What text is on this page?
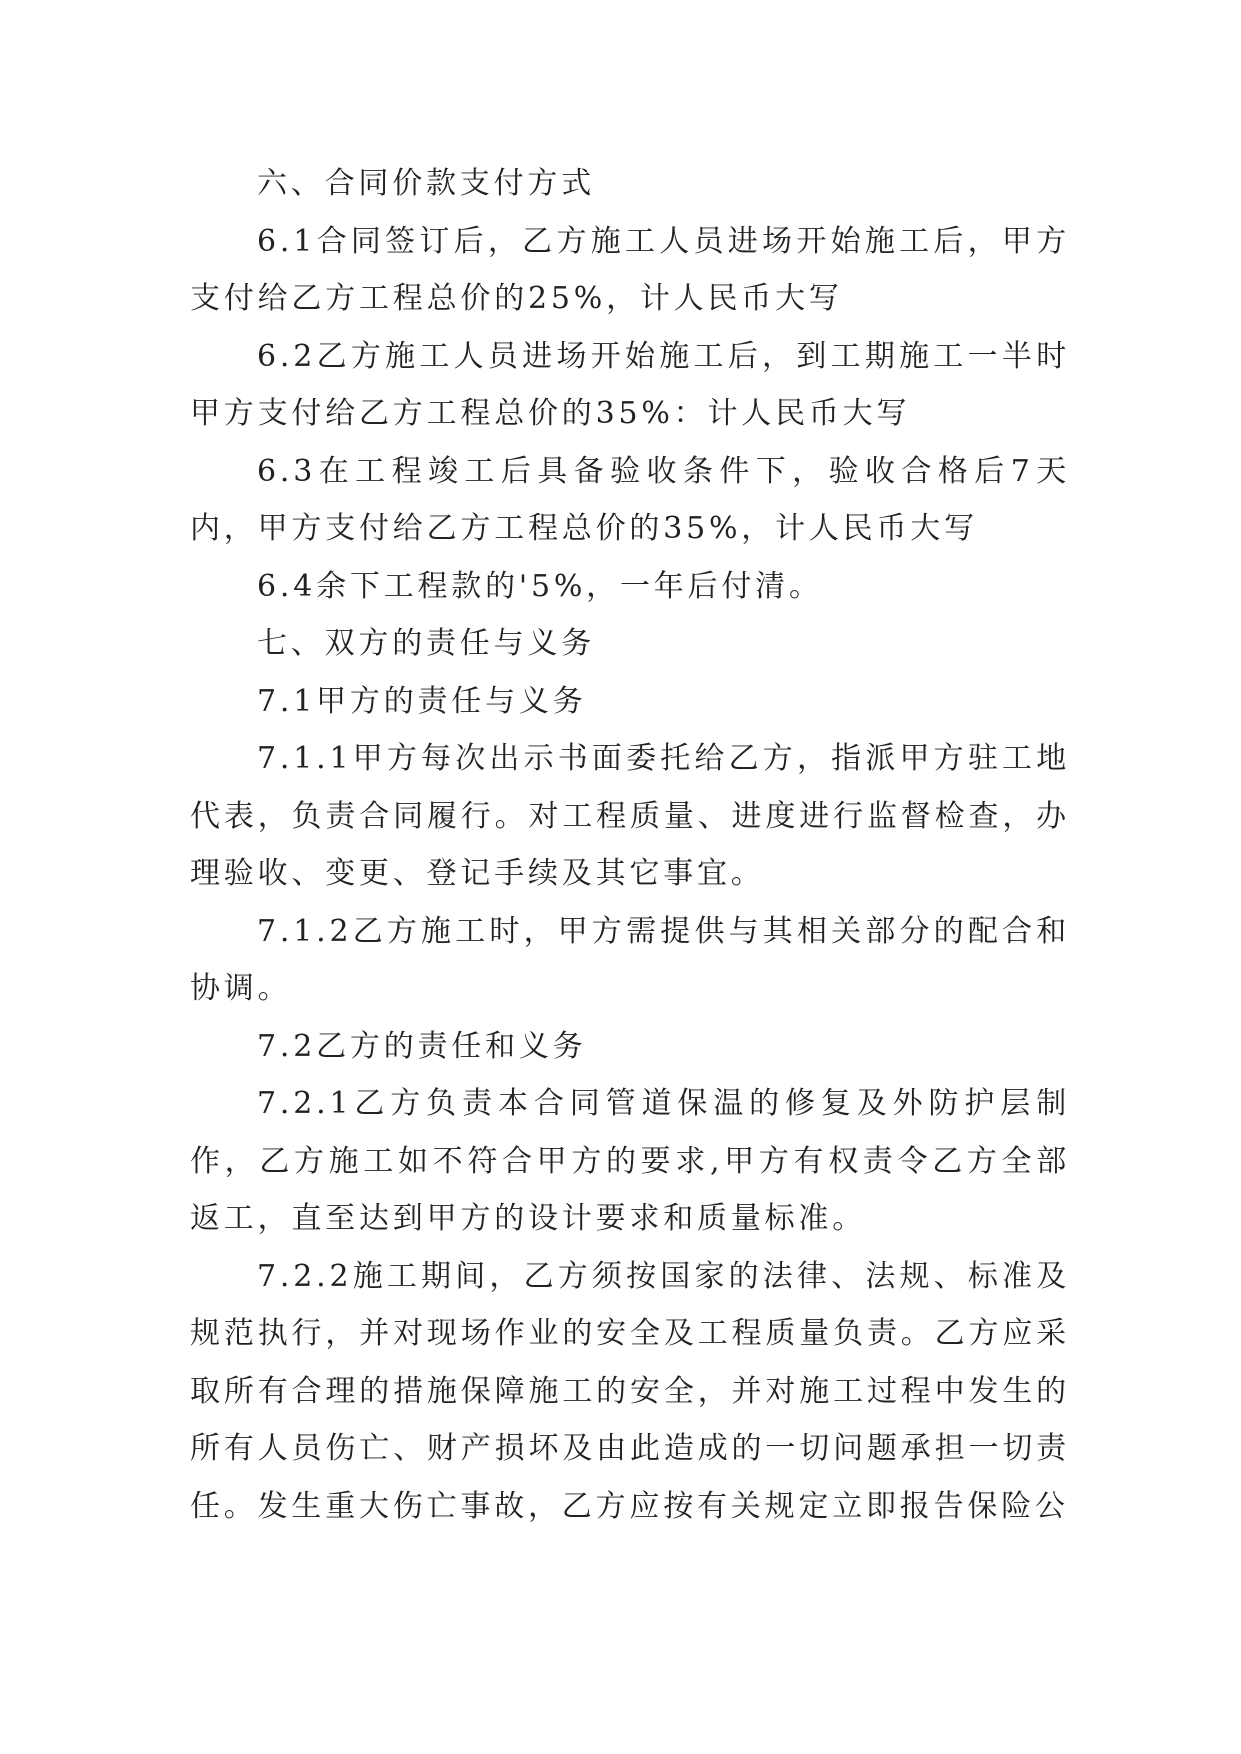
六、合同价款支付方式

6.1合同签订后，乙方施工人员进场开始施工后，甲方支付给乙方工程总价的25%，计人民币大写

6.2乙方施工人员进场开始施工后，到工期施工一半时甲方支付给乙方工程总价的35%：计人民币大写

6.3在工程竣工后具备验收条件下，验收合格后7天内，甲方支付给乙方工程总价的35%，计人民币大写

6.4余下工程款的'5%，一年后付清。

七、双方的责任与义务

7.1甲方的责任与义务

7.1.1甲方每次出示书面委托给乙方，指派甲方驻工地代表，负责合同履行。对工程质量、进度进行监督检查，办理验收、变更、登记手续及其它事宜。

7.1.2乙方施工时，甲方需提供与其相关部分的配合和协调。

7.2乙方的责任和义务

7.2.1乙方负责本合同管道保温的修复及外防护层制作，乙方施工如不符合甲方的要求,甲方有权责令乙方全部返工，直至达到甲方的设计要求和质量标准。

7.2.2施工期间，乙方须按国家的法律、法规、标准及规范执行，并对现场作业的安全及工程质量负责。乙方应采取所有合理的措施保障施工的安全，并对施工过程中发生的所有人员伤亡、财产损坏及由此造成的一切问题承担一切责任。发生重大伤亡事故，乙方应按有关规定立即报告保险公
